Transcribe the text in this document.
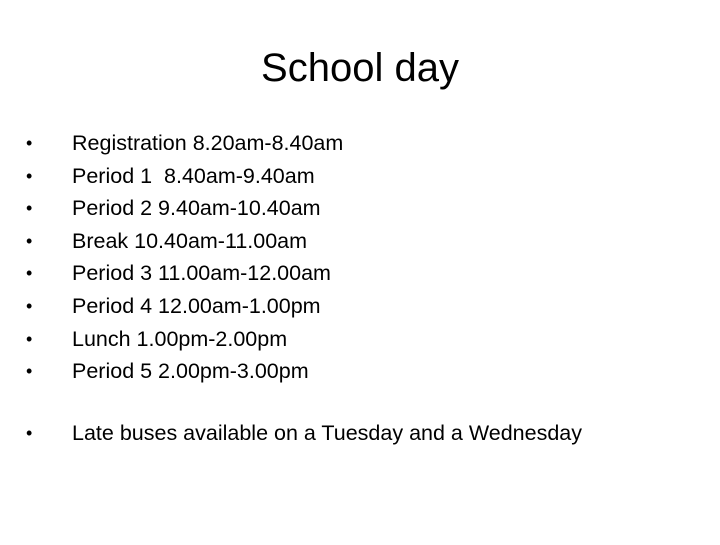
School day

•

	Registration 8.20am-8.40am

•

	Period 1  8.40am-9.40am

•

	Period 2 9.40am-10.40am

•

	Break 10.40am-11.00am

•

	Period 3 11.00am-12.00am

•

	Period 4 12.00am-1.00pm

•

	Lunch 1.00pm-2.00pm

•

	Period 5 2.00pm-3.00pm

•

	Late buses available on a Tuesday and a Wednesday
